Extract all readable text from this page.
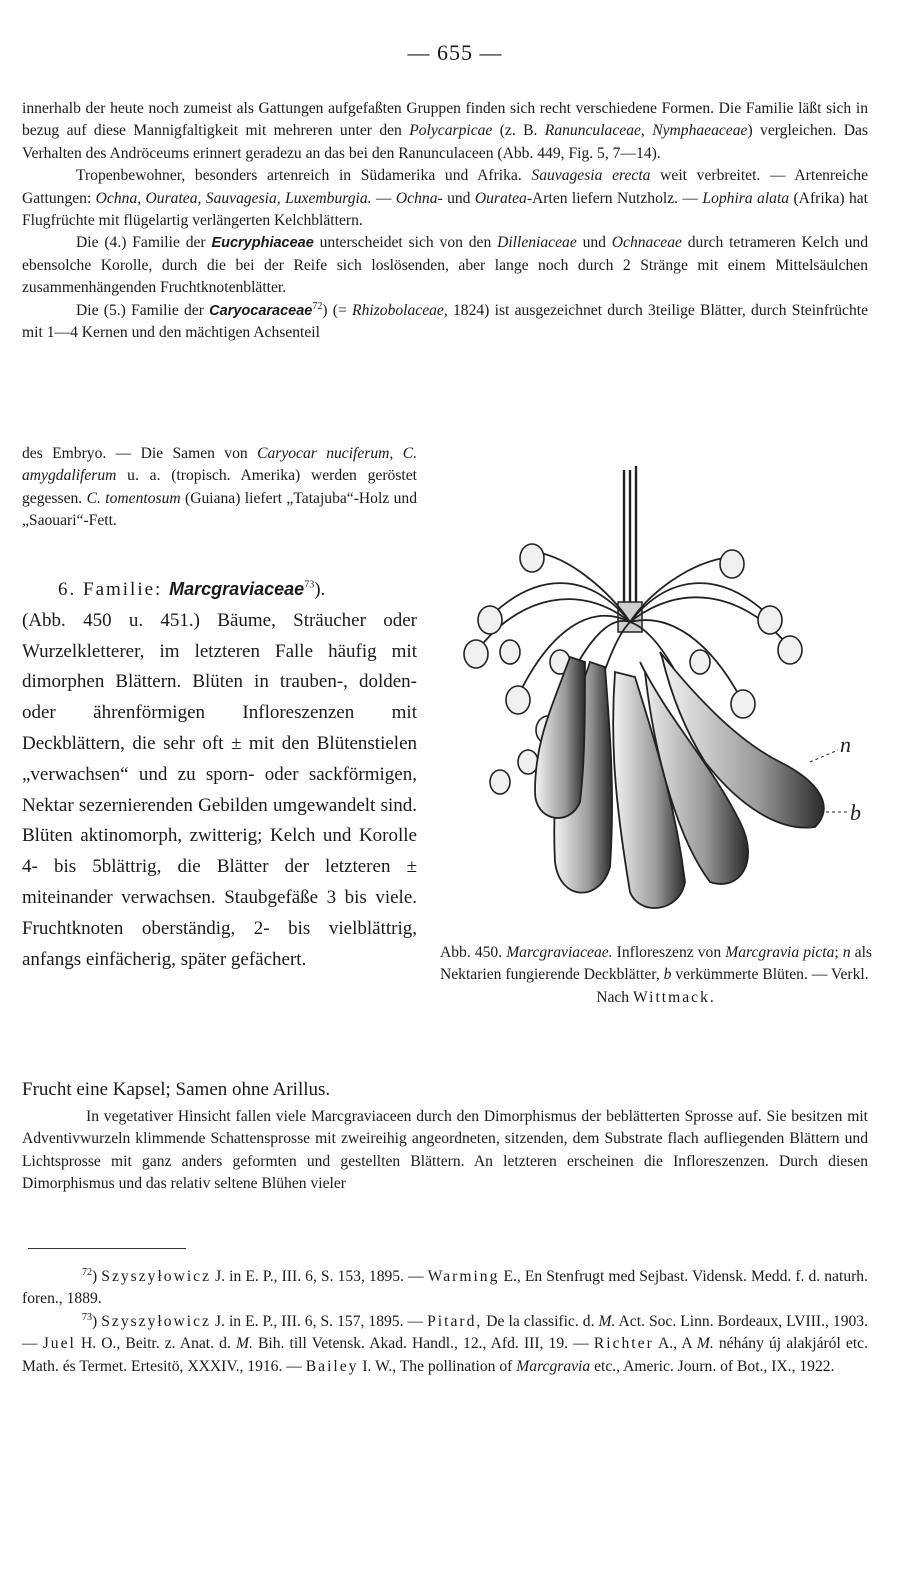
— 655 —

innerhalb der heute noch zumeist als Gattungen aufgefaßten Gruppen finden sich recht verschiedene Formen. Die Familie läßt sich in bezug auf diese Mannigfaltigkeit mit mehreren unter den Polycarpicae (z. B. Ranunculaceae, Nymphaeaceae) vergleichen. Das Verhalten des Andröceums erinnert geradezu an das bei den Ranunculaceen (Abb. 449, Fig. 5, 7—14).

Tropenbewohner, besonders artenreich in Südamerika und Afrika. Sauvagesia erecta weit verbreitet. — Artenreiche Gattungen: Ochna, Ouratea, Sauvagesia, Luxemburgia. — Ochna- und Ouratea-Arten liefern Nutzholz. — Lophira alata (Afrika) hat Flugfrüchte mit flügelartig verlängerten Kelchblättern.

Die (4.) Familie der Eucryphiaceae unterscheidet sich von den Dilleniaceae und Ochnaceae durch tetrameren Kelch und ebensolche Korolle, durch die bei der Reife sich loslösenden, aber lange noch durch 2 Stränge mit einem Mittelsäulchen zusammenhängenden Fruchtknotenblätter.

Die (5.) Familie der Caryocaraceae$^{72}$) (= Rhizobolaceae, 1824) ist ausgezeichnet durch 3teilige Blätter, durch Steinfrüchte mit 1—4 Kernen und den mächtigen Achsenteil

des Embryo. — Die Samen von Caryocar nuciferum, C. amygdaliferum u. a. (tropisch. Amerika) werden geröstet gegessen. C. tomentosum (Guiana) liefert „Tatajuba“-Holz und „Saouari“-Fett.
6. Familie: Marcgraviaceae$^{73}$).
(Abb. 450 u. 451.) Bäume, Sträucher oder Wurzelkletterer, im letzteren Falle häufig mit dimorphen Blättern. Blüten in trauben-, dolden- oder ährenförmigen Infloreszenzen mit Deckblättern, die sehr oft ± mit den Blütenstielen „verwachsen“ und zu sporn- oder sackförmigen, Nektar sezernierenden Gebilden umgewandelt sind. Blüten aktinomorph, zwitterig; Kelch und Korolle 4- bis 5blättrig, die Blätter der letzteren ± miteinander verwachsen. Staubgefäße 3 bis viele. Fruchtknoten oberständig, 2- bis vielblättrig, anfangs einfächerig, später gefächert.
Frucht eine Kapsel; Samen ohne Arillus.
n
b
Abb. 450. Marcgraviaceae. Infloreszenz von Marcgravia picta; n als Nektarien fungierende Deckblätter, b verkümmerte Blüten. — Verkl.
Nach Wittmack.

In vegetativer Hinsicht fallen viele Marcgraviaceen durch den Dimorphismus der beblätterten Sprosse auf. Sie besitzen mit Adventivwurzeln klimmende Schattensprosse mit zweireihig angeordneten, sitzenden, dem Substrate flach aufliegenden Blättern und Lichtsprosse mit ganz anders geformten und gestellten Blättern. An letzteren erscheinen die Infloreszenzen. Durch diesen Dimorphismus und das relativ seltene Blühen vieler

$^{72}$) Szyszyłowicz J. in E. P., III. 6, S. 153, 1895. — Warming E., En Stenfrugt med Sejbast. Vidensk. Medd. f. d. naturh. foren., 1889.

$^{73}$) Szyszyłowicz J. in E. P., III. 6, S. 157, 1895. — Pitard, De la classific. d. M. Act. Soc. Linn. Bordeaux, LVIII., 1903. — Juel H. O., Beitr. z. Anat. d. M. Bih. till Vetensk. Akad. Handl., 12., Afd. III, 19. — Richter A., A M. néhány új alakjáról etc. Math. és Termet. Ertesitö, XXXIV., 1916. — Bailey I. W., The pollination of Marcgravia etc., Americ. Journ. of Bot., IX., 1922.
